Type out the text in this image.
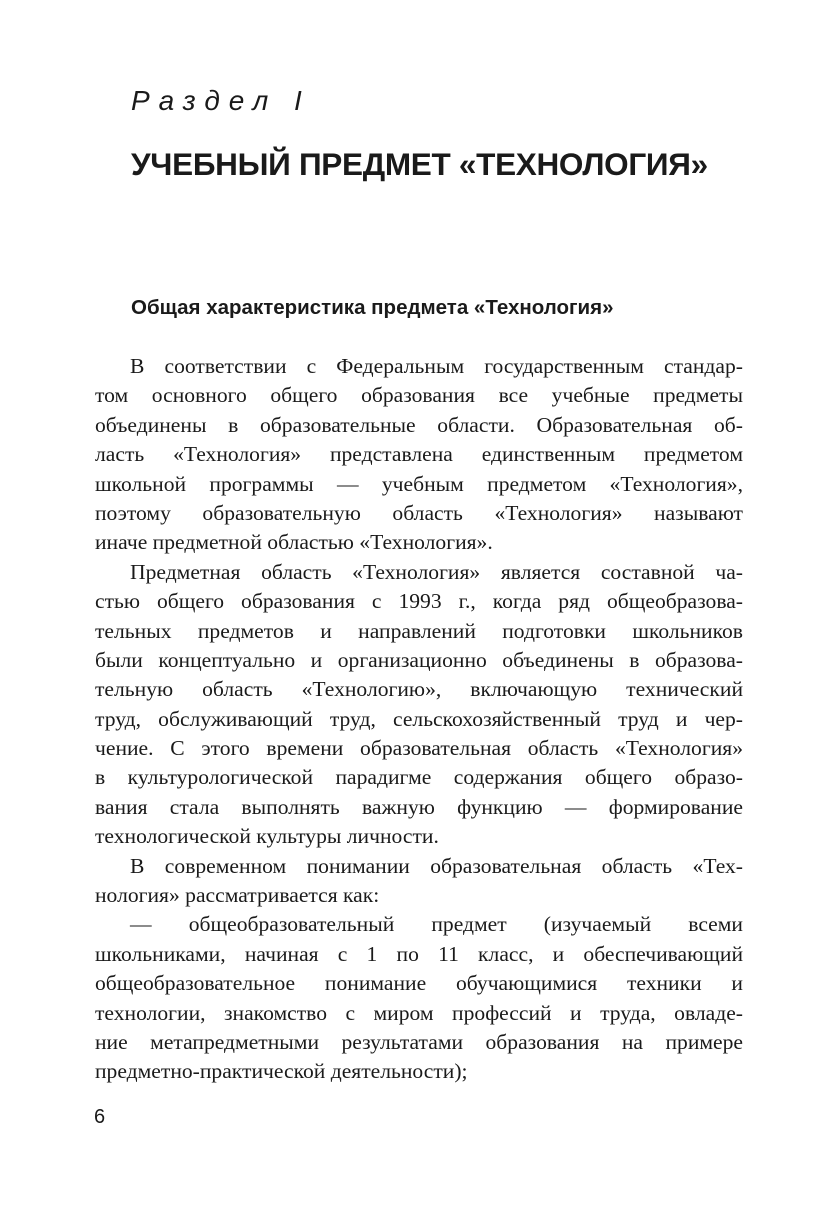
Раздел I
УЧЕБНЫЙ ПРЕДМЕТ «ТЕХНОЛОГИЯ»
Общая характеристика предмета «Технология»
В соответствии с Федеральным государственным стандар-
том основного общего образования все учебные предметы
объединены в образовательные области. Образовательная об-
ласть «Технология» представлена единственным предметом
школьной программы — учебным предметом «Технология»,
поэтому образовательную область «Технология» называют
иначе предметной областью «Технология».
Предметная область «Технология» является составной ча-
стью общего образования с 1993 г., когда ряд общеобразова-
тельных предметов и направлений подготовки школьников
были концептуально и организационно объединены в образова-
тельную область «Технологию», включающую технический
труд, обслуживающий труд, сельскохозяйственный труд и чер-
чение. С этого времени образовательная область «Технология»
в культурологической парадигме содержания общего образо-
вания стала выполнять важную функцию — формирование
технологической культуры личности.
В современном понимании образовательная область «Тех-
нология» рассматривается как:
— общеобразовательный предмет (изучаемый всеми
школьниками, начиная с 1 по 11 класс, и обеспечивающий
общеобразовательное понимание обучающимися техники и
технологии, знакомство с миром профессий и труда, овладе-
ние метапредметными результатами образования на примере
предметно-практической деятельности);
6
